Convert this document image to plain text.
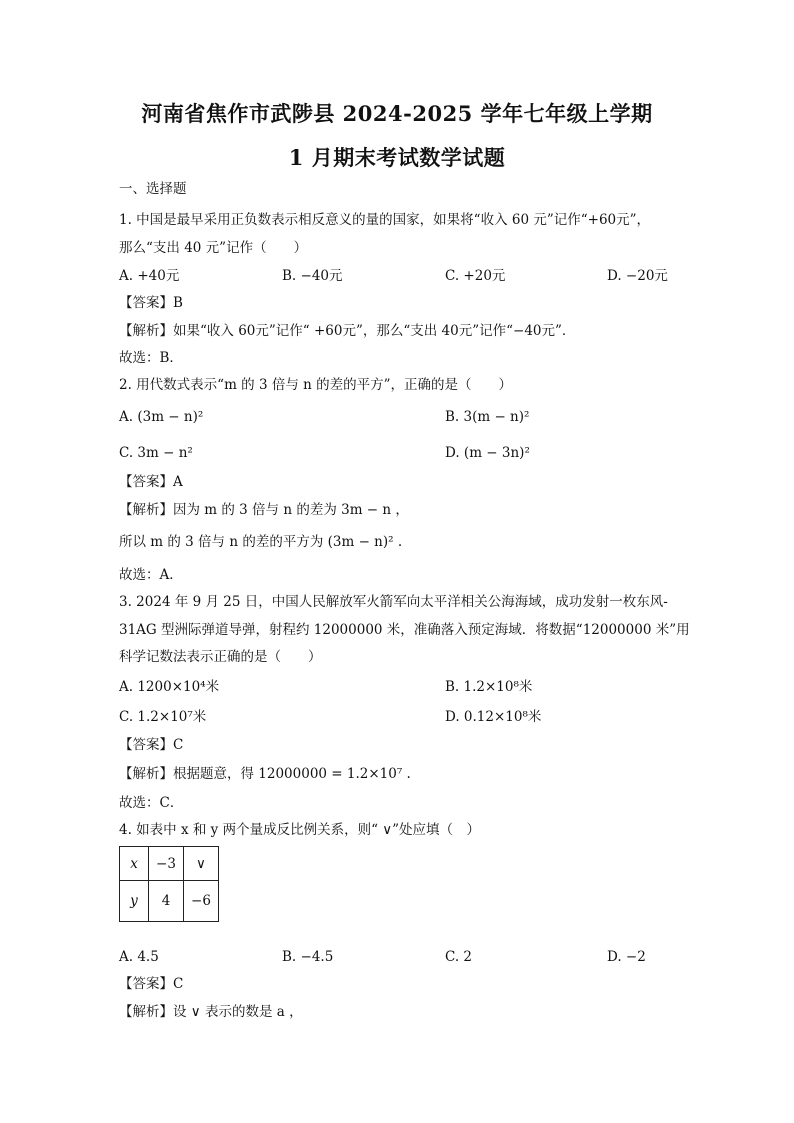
河南省焦作市武陟县 2024-2025 学年七年级上学期
1 月期末考试数学试题
一、选择题
1. 中国是最早采用正负数表示相反意义的量的国家，如果将“收入 60 元”记作“+60元”，
那么“支出 40 元”记作（　　）
A. +40元	B. −40元	C. +20元	D. −20元
【答案】B
【解析】如果“收入 60元”记作“ +60元”，那么“支出 40元”记作“−40元”．
故选：B．
2. 用代数式表示“m 的 3 倍与 n 的差的平方”，正确的是（　　）
A. (3m − n)²	B. 3(m − n)²
C. 3m − n²	D. (m − 3n)²
【答案】A
【解析】因为 m 的 3 倍与 n 的差为 3m − n ，
所以 m 的 3 倍与 n 的差的平方为 (3m − n)² .
故选：A．
3. 2024 年 9 月 25 日，中国人民解放军火箭军向太平洋相关公海海域，成功发射一枚东风-
31AG 型洲际弹道导弹，射程约 12000000 米，准确落入预定海域．将数据“12000000 米”用
科学记数法表示正确的是（　　）
A. 1200×10⁴米	B. 1.2×10⁸米
C. 1.2×10⁷米	D. 0.12×10⁸米
【答案】C
【解析】根据题意，得 12000000 = 1.2×10⁷ .
故选：C．
4. 如表中 x 和 y 两个量成反比例关系，则“ ∨”处应填（　）
x	−3	∨
y	4	−6
A. 4.5	B. −4.5	C. 2	D. −2
【答案】C
【解析】设 ∨ 表示的数是 a ，
